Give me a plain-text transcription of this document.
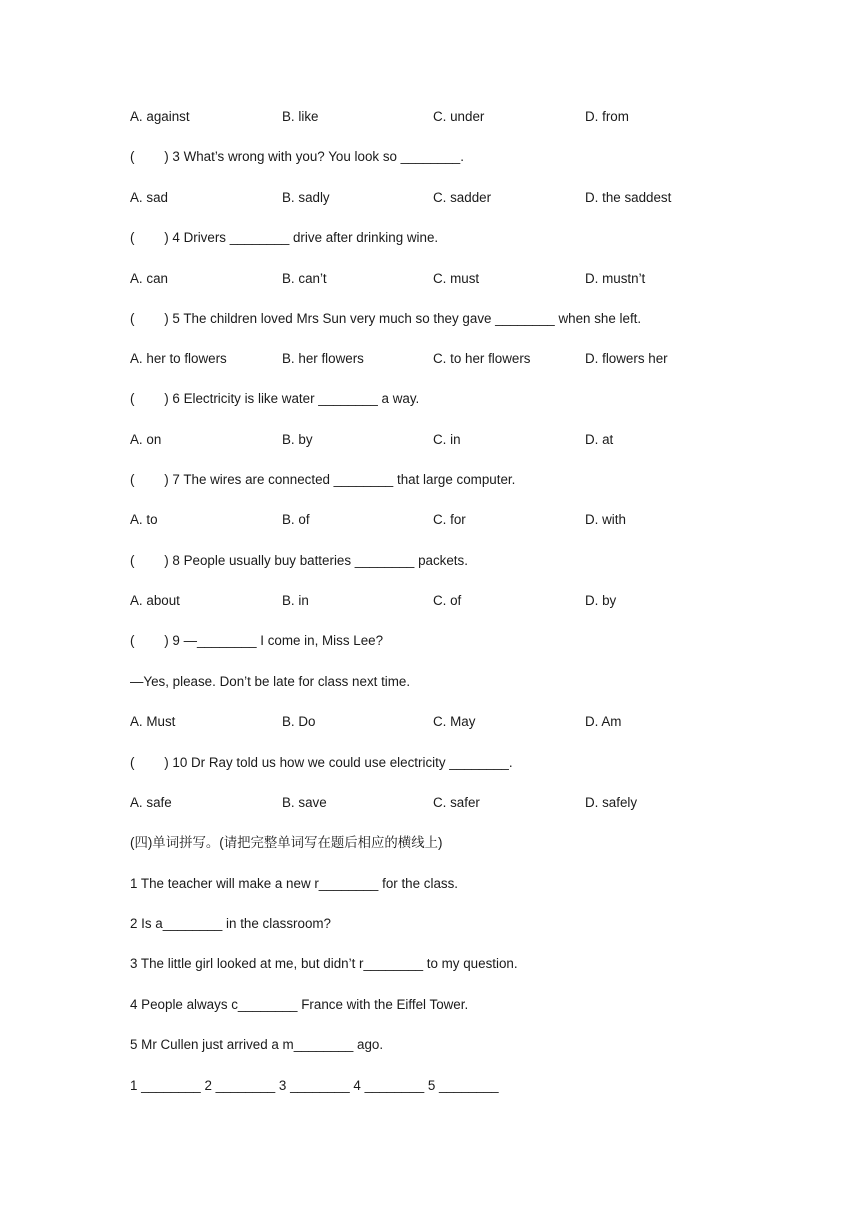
A. against

	B. like

	C. under

	D. from

(        ) 3 What’s wrong with you? You look so ________.

A. sad

	B. sadly

	C. sadder

	D. the saddest

(        ) 4 Drivers ________ drive after drinking wine.

A. can

	B. can’t

	C. must

	D. mustn’t

(        ) 5 The children loved Mrs Sun very much so they gave ________ when she left.

A. her to flowers

	B. her flowers

	C. to her flowers

	D. flowers her

(        ) 6 Electricity is like water ________ a way.

A. on

	B. by

	C. in

	D. at

(        ) 7 The wires are connected ________ that large computer.

A. to

	B. of

	C. for

	D. with

(        ) 8 People usually buy batteries ________ packets.

A. about

	B. in

	C. of

	D. by

(        ) 9 —________ I come in, Miss Lee?
—Yes, please. Don’t be late for class next time.

A. Must

	B. Do

	C. May

	D. Am

(        ) 10 Dr Ray told us how we could use electricity ________.

A. safe

	B. save

	C. safer

	D. safely

(四)单词拼写。(请把完整单词写在题后相应的横线上)
1 The teacher will make a new r________ for the class.
2 Is a________ in the classroom?
3 The little girl looked at me, but didn’t r________ to my question.
4 People always c________ France with the Eiffel Tower.
5 Mr Cullen just arrived a m________ ago.
1 ________ 2 ________ 3 ________ 4 ________ 5 ________
